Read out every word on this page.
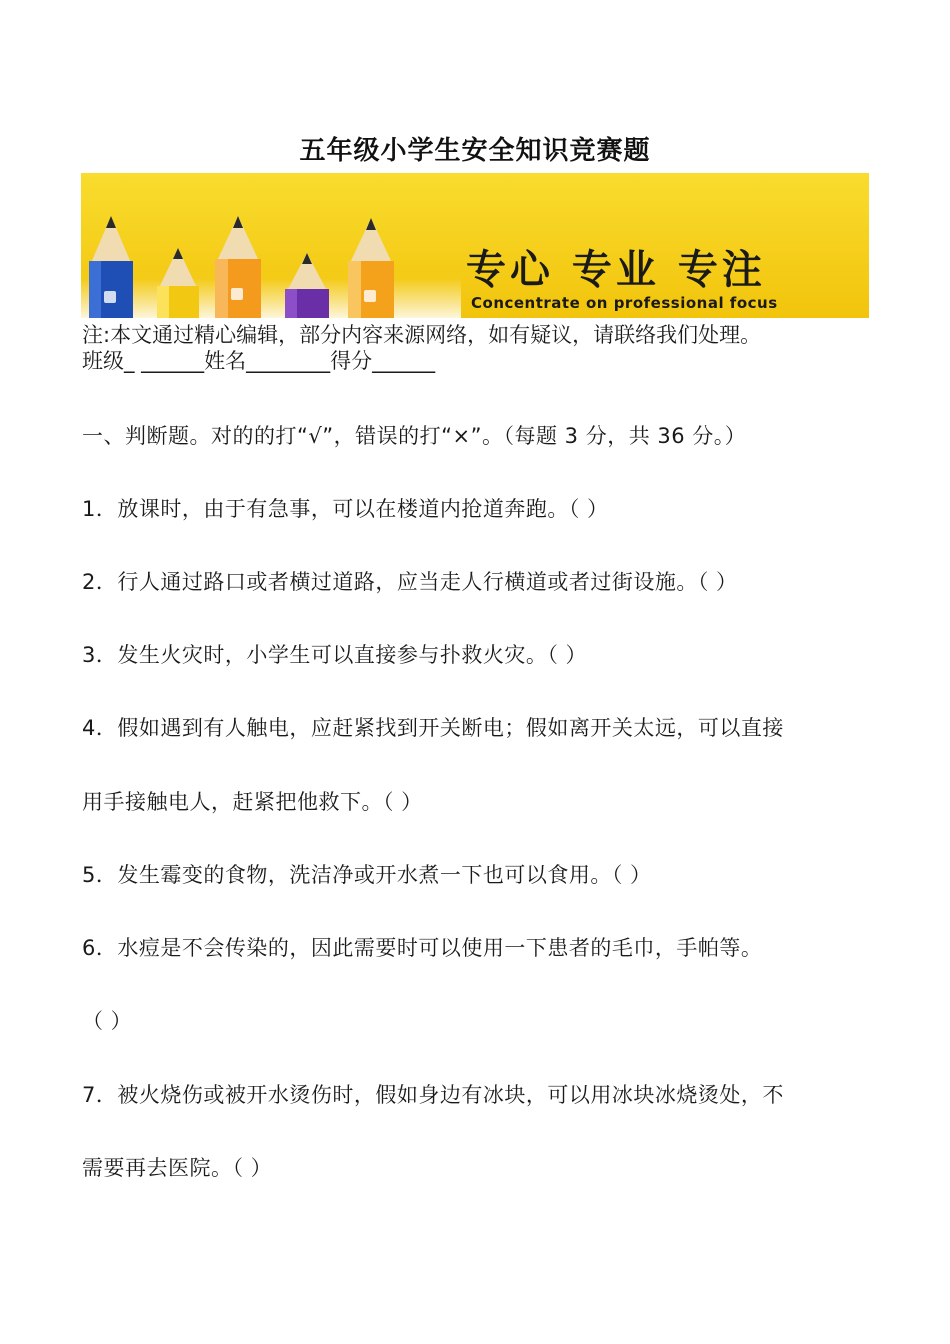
五年级小学生安全知识竞赛题
专心 专业 专注
Concentrate on professional focus
注:本文通过精心编辑，部分内容来源网络，如有疑议，请联络我们处理。
班级_ ______姓名________得分______
一、判断题。对的的打“√”，错误的打“×”。（每题 3 分，共 36 分。）
1．放课时，由于有急事，可以在楼道内抢道奔跑。（ ）
2．行人通过路口或者横过道路，应当走人行横道或者过街设施。（ ）
3．发生火灾时，小学生可以直接参与扑救火灾。（ ）
4．假如遇到有人触电，应赶紧找到开关断电；假如离开关太远，可以直接
用手接触电人，赶紧把他救下。（ ）
5．发生霉变的食物，洗洁净或开水煮一下也可以食用。（ ）
6．水痘是不会传染的，因此需要时可以使用一下患者的毛巾，手帕等。
（ ）
7．被火烧伤或被开水烫伤时，假如身边有冰块，可以用冰块冰烧烫处，不
需要再去医院。（ ）
